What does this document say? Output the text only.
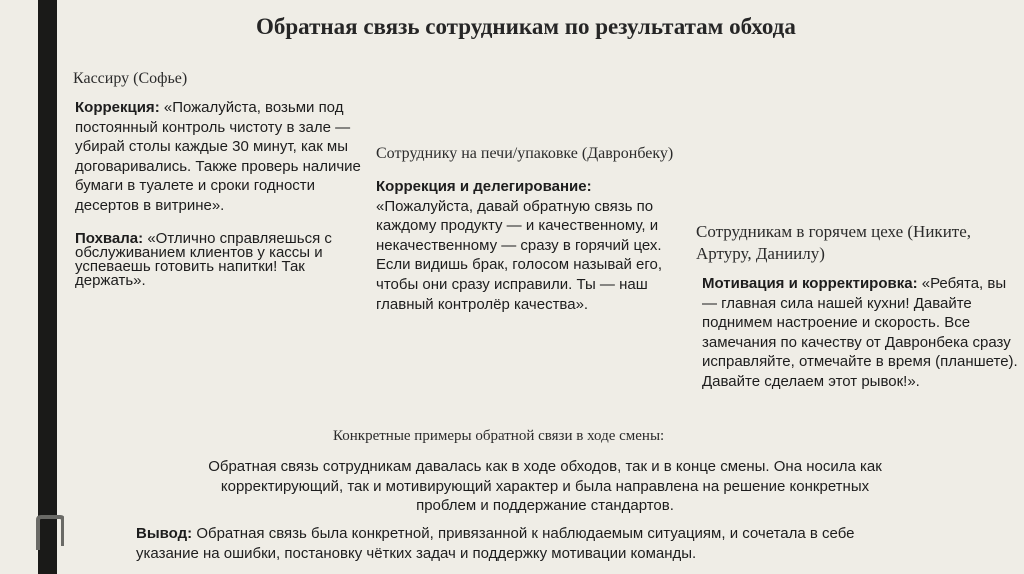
Обратная связь сотрудникам по результатам обхода
Кассиру (Софье)
Коррекция: «Пожалуйста, возьми под постоянный контроль чистоту в зале — убирай столы каждые 30 минут, как мы договаривались. Также проверь наличие бумаги в туалете и сроки годности десертов в витрине».
Похвала: «Отлично справляешься с обслуживанием клиентов у кассы и успеваешь готовить напитки! Так держать».
Сотруднику на печи/упаковке (Давронбеку)
Коррекция и делегирование:
«Пожалуйста, давай обратную связь по каждому продукту — и качественному, и некачественному — сразу в горячий цех. Если видишь брак, голосом называй его, чтобы они сразу исправили. Ты — наш главный контролёр качества».
Сотрудникам в горячем цехе (Никите, Артуру, Даниилу)
Мотивация и корректировка: «Ребята, вы — главная сила нашей кухни! Давайте поднимем настроение и скорость. Все замечания по качеству от Давронбека сразу исправляйте, отмечайте в время (планшете). Давайте сделаем этот рывок!».
Конкретные примеры обратной связи в ходе смены:
Обратная связь сотрудникам давалась как в ходе обходов, так и в конце смены. Она носила как корректирующий, так и мотивирующий характер и была направлена на решение конкретных проблем и поддержание стандартов.
Вывод: Обратная связь была конкретной, привязанной к наблюдаемым ситуациям, и сочетала в себе указание на ошибки, постановку чётких задач и поддержку мотивации команды.
